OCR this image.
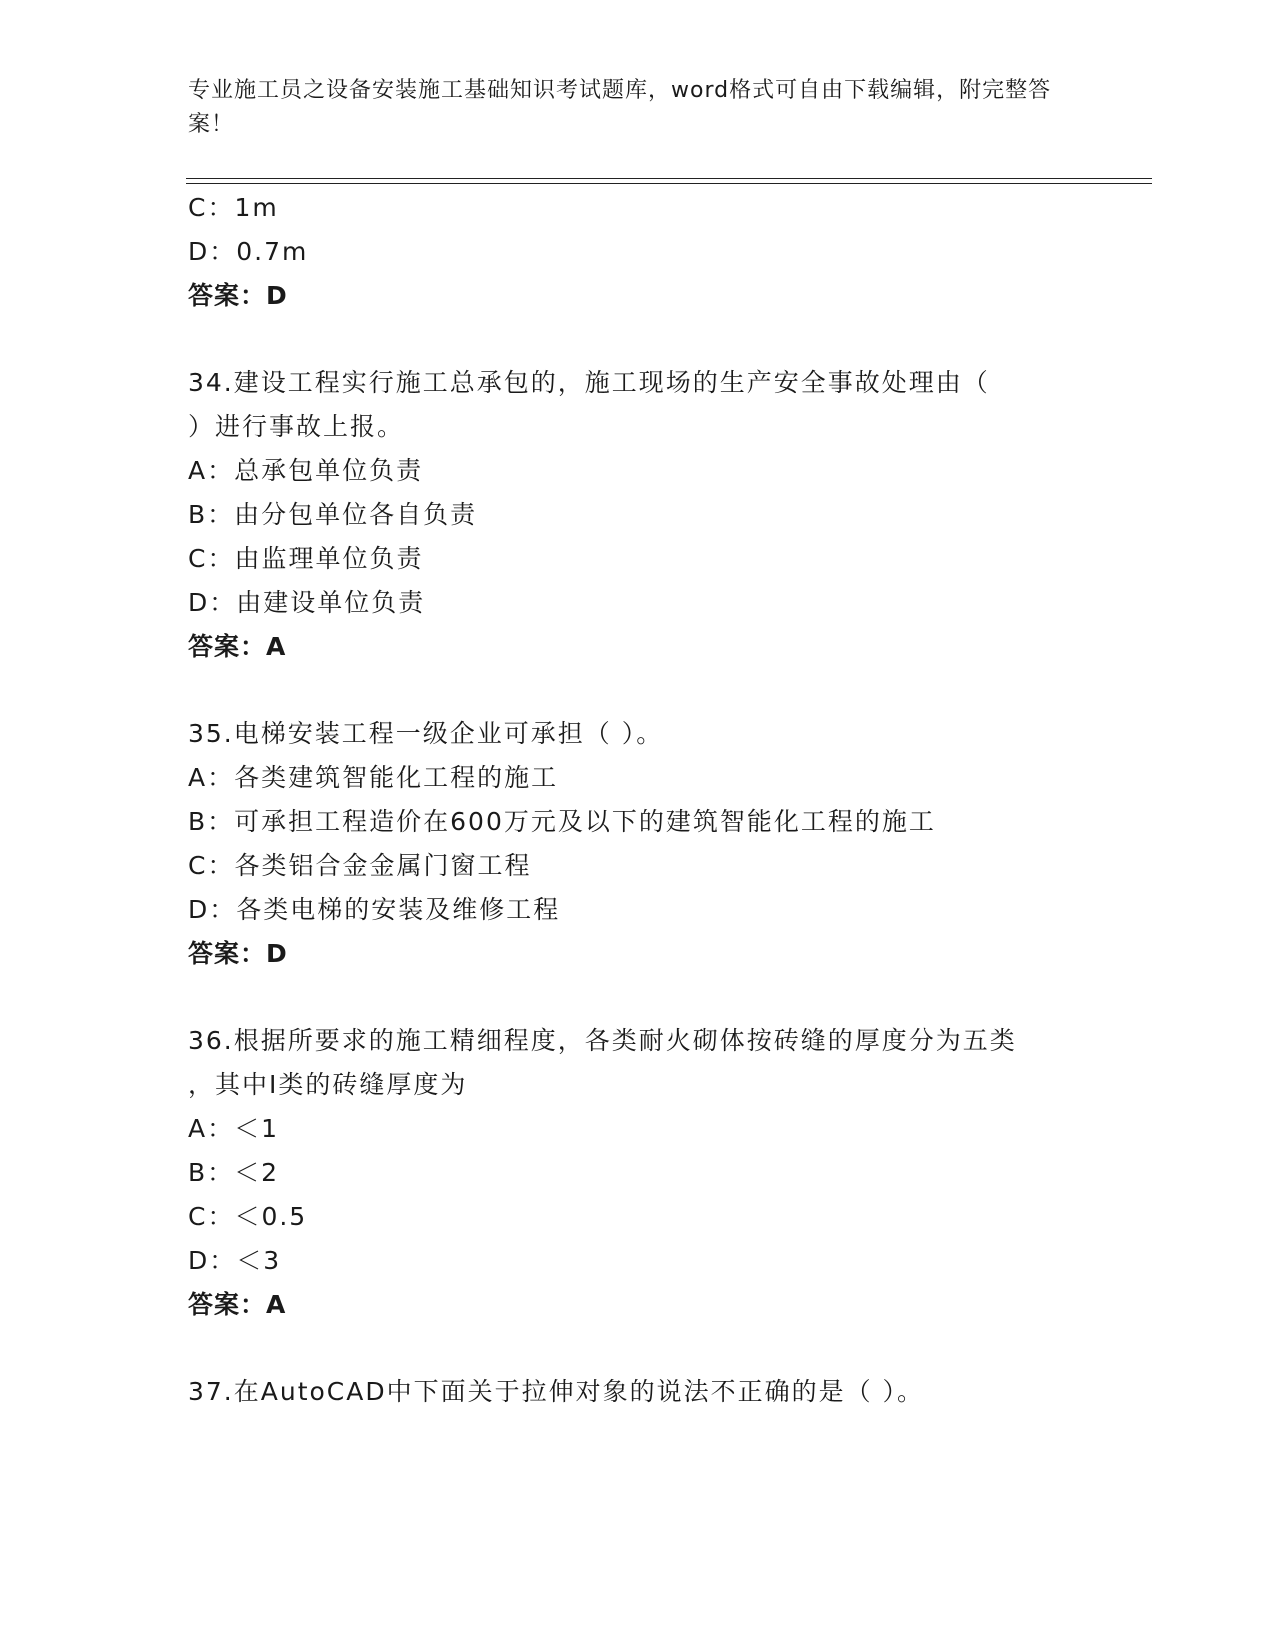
专业施工员之设备安装施工基础知识考试题库，word格式可自由下载编辑，附完整答案！
C：1m
D：0.7m
答案：D
34.建设工程实行施工总承包的，施工现场的生产安全事故处理由（
）进行事故上报。
A：总承包单位负责
B：由分包单位各自负责
C：由监理单位负责
D：由建设单位负责
答案：A
35.电梯安装工程一级企业可承担（ ）。
A：各类建筑智能化工程的施工
B：可承担工程造价在600万元及以下的建筑智能化工程的施工
C：各类铝合金金属门窗工程
D：各类电梯的安装及维修工程
答案：D
36.根据所要求的施工精细程度，各类耐火砌体按砖缝的厚度分为五类
，其中Ⅰ类的砖缝厚度为
A：＜1
B：＜2
C：＜0.5
D：＜3
答案：A
37.在AutoCAD中下面关于拉伸对象的说法不正确的是（ ）。
